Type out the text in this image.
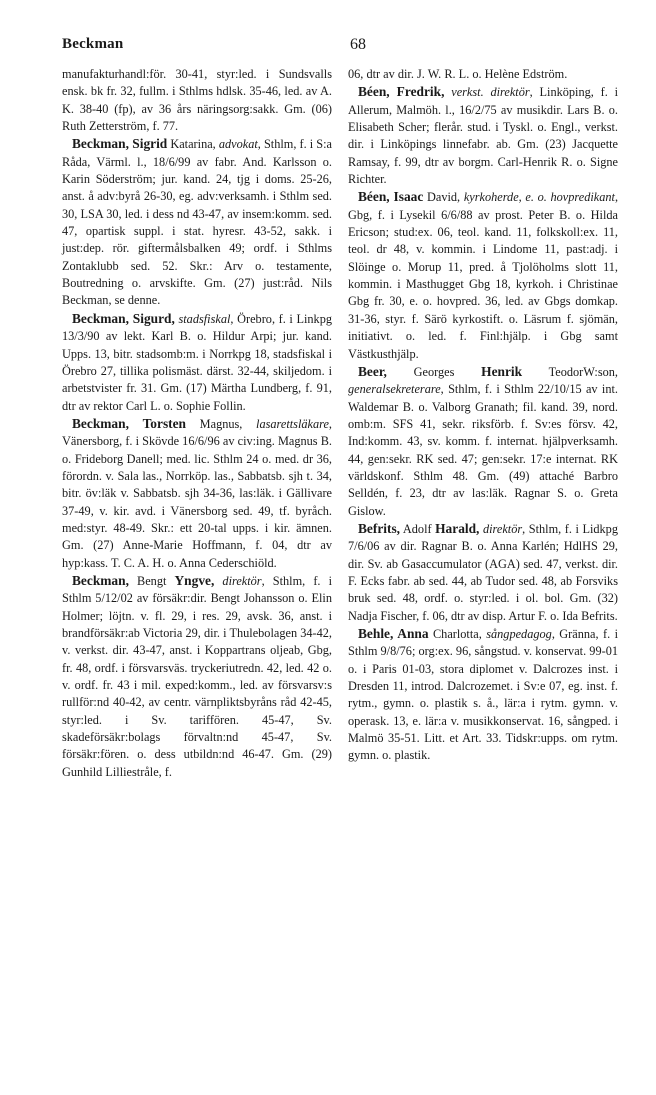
Beckman	68

manufakturhandl:för. 30-41, styr:led. i Sundsvalls ensk. bk fr. 32, fullm. i Sthlms hdlsk. 35-46, led. av A. K. 38-40 (fp), av 36 års näringsorg:sakk. Gm. (06) Ruth Zetterström, f. 77.

Beckman, Sigrid Katarina, advokat, Sthlm, f. i S:a Råda, Värml. l., 18/6/99 av fabr. And. Karlsson o. Karin Söderström; jur. kand. 24, tjg i doms. 25-26, anst. å adv:byrå 26-30, eg. adv:verksamh. i Sthlm sed. 30, LSA 30, led. i dess nd 43-47, av insem:komm. sed. 47, opartisk suppl. i stat. hyresr. 43-52, sakk. i just:dep. rör. giftermålsbalken 49; ordf. i Sthlms Zontaklubb sed. 52. Skr.: Arv o. testamente, Boutredning o. arvskifte. Gm. (27) just:råd. Nils Beckman, se denne.

Beckman, Sigurd, stadsfiskal, Örebro, f. i Linkpg 13/3/90 av lekt. Karl B. o. Hildur Arpi; jur. kand. Upps. 13, bitr. stadsomb:m. i Norrkpg 18, stadsfiskal i Örebro 27, tillika polismäst. därst. 32-44, skiljedom. i arbetstvister fr. 31. Gm. (17) Märtha Lundberg, f. 91, dtr av rektor Carl L. o. Sophie Follin.

Beckman, Torsten Magnus, lasarettsläkare, Vänersborg, f. i Skövde 16/6/96 av civ:ing. Magnus B. o. Frideborg Danell; med. lic. Sthlm 24 o. med. dr 36, förordn. v. Sala las., Norrköp. las., Sabbatsb. sjh t. 34, bitr. öv:läk v. Sabbatsb. sjh 34-36, las:läk. i Gällivare 37-49, v. kir. avd. i Vänersborg sed. 49, tf. byråch. med:styr. 48-49. Skr.: ett 20-tal upps. i kir. ämnen. Gm. (27) Anne-Marie Hoffmann, f. 04, dtr av hyp:kass. T. C. A. H. o. Anna Cederschiöld.

Beckman, Bengt Yngve, direktör, Sthlm, f. i Sthlm 5/12/02 av försäkr:dir. Bengt Johansson o. Elin Holmer; löjtn. v. fl. 29, i res. 29, avsk. 36, anst. i brandförsäkr:ab Victoria 29, dir. i Thulebolagen 34-42, v. verkst. dir. 43-47, anst. i Koppartrans oljeab, Gbg, fr. 48, ordf. i försvarsväs. tryckeriutredn. 42, led. 42 o. v. ordf. fr. 43 i mil. exped:komm., led. av försvarsv:s rullför:nd 40-42, av centr. värnpliktsbyråns råd 42-45, styr:led. i Sv. tariffören. 45-47, Sv. skadeförsäkr:bolags förvaltn:nd 45-47, Sv. försäkr:fören. o. dess utbildn:nd 46-47. Gm. (29) Gunhild Lilliestråle, f.

06, dtr av dir. J. W. R. L. o. Helène Edström.

Béen, Fredrik, verkst. direktör, Linköping, f. i Allerum, Malmöh. l., 16/2/75 av musikdir. Lars B. o. Elisabeth Scher; flerår. stud. i Tyskl. o. Engl., verkst. dir. i Linköpings linnefabr. ab. Gm. (23) Jacquette Ramsay, f. 99, dtr av borgm. Carl-Henrik R. o. Signe Richter.

Béen, Isaac David, kyrkoherde, e. o. hovpredikant, Gbg, f. i Lysekil 6/6/88 av prost. Peter B. o. Hilda Ericson; stud:ex. 06, teol. kand. 11, folkskoll:ex. 11, teol. dr 48, v. kommin. i Lindome 11, past:adj. i Slöinge o. Morup 11, pred. å Tjolöholms slott 11, kommin. i Masthugget Gbg 18, kyrkoh. i Christinae Gbg fr. 30, e. o. hovpred. 36, led. av Gbgs domkap. 31-36, styr. f. Särö kyrkostift. o. Läsrum f. sjömän, initiativt. o. led. f. Finl:hjälp. i Gbg samt Västkusthjälp.

Beer, Georges Henrik TeodorW:son, generalsekreterare, Sthlm, f. i Sthlm 22/10/15 av int. Waldemar B. o. Valborg Granath; fil. kand. 39, nord. omb:m. SFS 41, sekr. riksförb. f. Sv:es försv. 42, Ind:komm. 43, sv. komm. f. internat. hjälpverksamh. 44, gen:sekr. RK sed. 47; gen:sekr. 17:e internat. RK världskonf. Sthlm 48. Gm. (49) attaché Barbro Selldén, f. 23, dtr av las:läk. Ragnar S. o. Greta Gislow.

Befrits, Adolf Harald, direktör, Sthlm, f. i Lidkpg 7/6/06 av dir. Ragnar B. o. Anna Karlén; HdlHS 29, dir. Sv. ab Gasaccumulator (AGA) sed. 47, verkst. dir. F. Ecks fabr. ab sed. 44, ab Tudor sed. 48, ab Forsviks bruk sed. 48, ordf. o. styr:led. i ol. bol. Gm. (32) Nadja Fischer, f. 06, dtr av disp. Artur F. o. Ida Befrits.

Behle, Anna Charlotta, sångpedagog, Gränna, f. i Sthlm 9/8/76; org:ex. 96, sångstud. v. konservat. 99-01 o. i Paris 01-03, stora diplomet v. Dalcrozes inst. i Dresden 11, introd. Dalcrozemet. i Sv:e 07, eg. inst. f. rytm., gymn. o. plastik s. å., lär:a i rytm. gymn. v. operask. 13, e. lär:a v. musikkonservat. 16, sångped. i Malmö 35-51. Litt. et Art. 33. Tidskr:upps. om rytm. gymn. o. plastik.
